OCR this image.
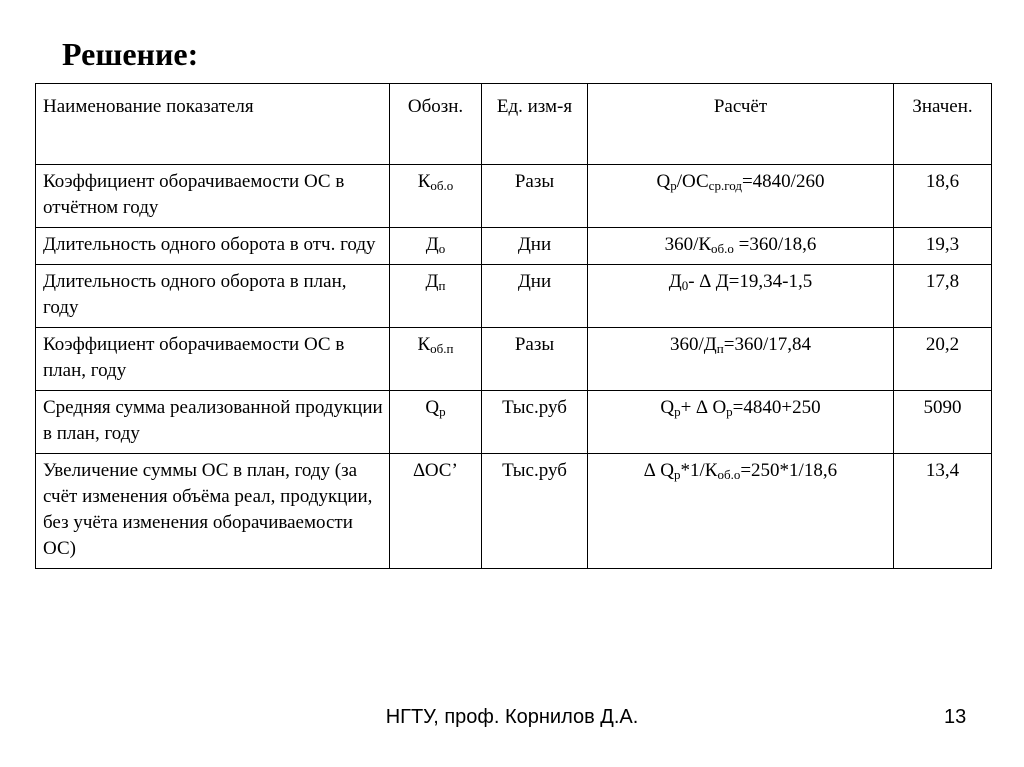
Решение:
Наименование показателя	Обозн.	Ед. изм-я	Расчёт	Значен.
Коэффициент оборачиваемости ОС в отчётном году	$К_{об.о}$	Разы	$Q_р/ОС_{ср.год}=4840/260$	18,6
Длительность одного оборота в отч. году	$Д_о$	Дни	$360/К_{об.о} =360/18,6$	19,3
Длительность одного оборота в план, году	$Д_п$	Дни	$Д_0-$ ∆ Д=19,34-1,5	17,8
Коэффициент оборачиваемости ОС в план, году	$К_{об.п}$	Разы	$360/Д_п=360/17,84$	20,2
Средняя сумма реализованной продукции в план, году	$Q_р$	Тыс.руб	$Q_р+$ ∆ $О_р=4840+250$	5090
Увеличение суммы ОС в план, году (за счёт изменения объёма реал, продукции, без учёта изменения оборачиваемости ОС)	∆ОС’	Тыс.руб	∆ $Q_р*1/К_{об.о}=250*1/18,6$	13,4
НГТУ, проф. Корнилов Д.А.	13
